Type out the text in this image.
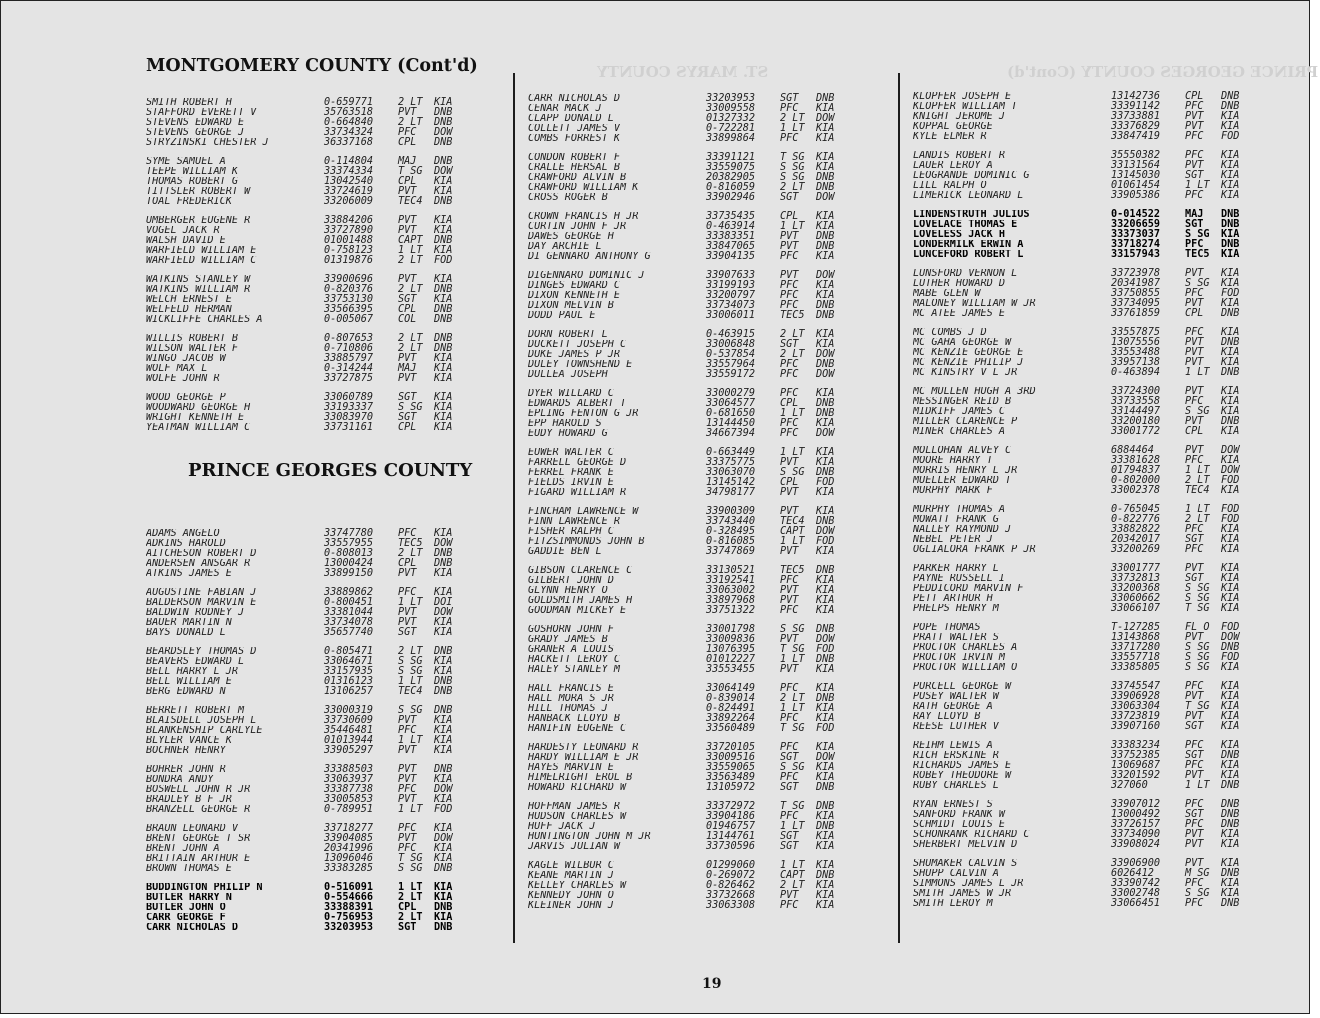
ST. MARYS COUNTY	PRINCE GEORGES COUNTY (Cont'd)
MONTGOMERY COUNTY (Cont'd)
PRINCE GEORGES COUNTY
SMITH ROBERT H	0-659771	2 LT	KIA
STAFFORD EVERETT V	35763518	PVT	DNB
STEVENS EDWARD E	0-664840	2 LT	DNB
STEVENS GEORGE J	33734324	PFC	DOW
STRYZINSKI CHESTER J	36337168	CPL	DNB
SYME SAMUEL A	0-114804	MAJ	DNB
TEEPE WILLIAM K	33374334	T SG	DOW
THOMAS ROBERT G	13042540	CPL	KIA
TITTSLER ROBERT W	33724619	PVT	KIA
TOAL FREDERICK	33206009	TEC4	DNB
UMBERGER EUGENE R	33884206	PVT	KIA
VOGEL JACK R	33727890	PVT	KIA
WALSH DAVID E	01001488	CAPT	DNB
WARFIELD WILLIAM E	0-758123	1 LT	KIA
WARFIELD WILLIAM C	01319876	2 LT	FOD
WATKINS STANLEY W	33900696	PVT	KIA
WATKINS WILLIAM R	0-820376	2 LT	DNB
WELCH ERNEST E	33753130	SGT	KIA
WELFELD HERMAN	33566395	CPL	DNB
WICKLIFFE CHARLES A	0-005067	COL	DNB
WILLIS ROBERT B	0-807653	2 LT	DNB
WILSON WALTER F	0-710806	2 LT	DNB
WINGO JACOB W	33885797	PVT	KIA
WOLF MAX L	0-314244	MAJ	KIA
WOLFE JOHN R	33727875	PVT	KIA
WOOD GEORGE P	33060789	SGT	KIA
WOODWARD GEORGE H	33193337	S SG	KIA
WRIGHT KENNETH E	33083970	SGT	KIA
YEATMAN WILLIAM C	33731161	CPL	KIA
ADAMS ANGELO	33747780	PFC	KIA
ADKINS HAROLD	33557955	TEC5	DOW
AITCHESON ROBERT D	0-808013	2 LT	DNB
ANDERSEN ANSGAR R	13000424	CPL	DNB
ATKINS JAMES E	33899150	PVT	KIA
AUGUSTINE FABIAN J	33889862	PFC	KIA
BALDERSON MARVIN E	0-800451	1 LT	DOI
BALDWIN RODNEY J	33381044	PVT	DOW
BAUER MARTIN N	33734078	PVT	KIA
BAYS DONALD L	35657740	SGT	KIA
BEARDSLEY THOMAS D	0-805471	2 LT	DNB
BEAVERS EDWARD L	33064671	S SG	KIA
BELL HARRY L JR	33157935	S SG	KIA
BELL WILLIAM E	01316123	1 LT	DNB
BERG EDWARD N	13106257	TEC4	DNB
BERRETT ROBERT M	33000319	S SG	DNB
BLAISDELL JOSEPH L	33730609	PVT	KIA
BLANKENSHIP CARLYLE	35446481	PFC	KIA
BLYLER VANCE K	01013944	1 LT	KIA
BOCHNER HENRY	33905297	PVT	KIA
BOHRER JOHN R	33388503	PVT	DNB
BONDRA ANDY	33063937	PVT	KIA
BOSWELL JOHN R JR	33387738	PFC	DOW
BRADLEY B F JR	33005853	PVT	KIA
BRANZELL GEORGE R	0-789951	1 LT	FOD
BRAUN LEONARD V	33718277	PFC	KIA
BRENT GEORGE T SR	33904085	PVT	DOW
BRENT JOHN A	20341996	PFC	KIA
BRITTAIN ARTHUR E	13096046	T SG	KIA
BROWN THOMAS E	33383285	S SG	DNB
BUDDINGTON PHILIP N	0-516091	1 LT	KIA
BUTLER HARRY N	0-554666	2 LT	KIA
BUTLER JOHN O	33388391	CPL	DNB
CARR GEORGE F	0-756953	2 LT	KIA
CARR NICHOLAS D	33203953	SGT	DNB
CARR NICHOLAS D	33203953	SGT	DNB
CENAR MACK J	33009558	PFC	KIA
CLAPP DONALD L	01327332	2 LT	DOW
COLLETT JAMES V	0-722281	1 LT	KIA
COMBS FORREST K	33899864	PFC	KIA
CONDON ROBERT F	33391121	T SG	KIA
CRALLE HERSAL B	33559075	S SG	KIA
CRAWFORD ALVIN B	20382905	S SG	DNB
CRAWFORD WILLIAM K	0-816059	2 LT	DNB
CROSS ROGER B	33902946	SGT	DOW
CROWN FRANCIS H JR	33735435	CPL	KIA
CURTIN JOHN F JR	0-463914	1 LT	KIA
DAWES GEORGE H	33383351	PVT	DNB
DAY ARCHIE L	33847065	PVT	DNB
DI GENNARO ANTHONY G	33904135	PFC	KIA
DIGENNARO DOMINIC J	33907633	PVT	DOW
DINGES EDWARD C	33199193	PFC	KIA
DIXON KENNETH E	33200797	PFC	KIA
DIXON MELVIN B	33734073	PFC	DNB
DODD PAUL E	33006011	TEC5	DNB
DORN ROBERT L	0-463915	2 LT	KIA
DUCKETT JOSEPH C	33006848	SGT	KIA
DUKE JAMES P JR	0-537854	2 LT	DOW
DULEY TOWNSHEND E	33557964	PFC	DNB
DULLEA JOSEPH	33559172	PFC	DOW
DYER WILLARD C	33000279	PFC	KIA
EDWARDS ALBERT T	33064577	CPL	DNB
EPLING FENTON G JR	0-681650	1 LT	DNB
EPP HAROLD S	13144450	PFC	KIA
EUDY HOWARD G	34667394	PFC	DOW
EUWER WALTER C	0-663449	1 LT	KIA
FARRELL GEORGE D	33375775	PVT	KIA
FERREL FRANK E	33063070	S SG	DNB
FIELDS IRVIN E	13145142	CPL	FOD
FIGARD WILLIAM R	34798177	PVT	KIA
FINCHAM LAWRENCE W	33900309	PVT	KIA
FINN LAWRENCE R	33743440	TEC4	DNB
FISHER RALPH C	0-328495	CAPT	DOW
FITZSIMMONDS JOHN B	0-816085	1 LT	FOD
GADDIE BEN L	33747869	PVT	KIA
GIBSON CLARENCE C	33130521	TEC5	DNB
GILBERT JOHN D	33192541	PFC	KIA
GLYNN HENRY O	33063002	PVT	KIA
GOLDSMITH JAMES H	33897968	PVT	KIA
GOODMAN MICKEY E	33751322	PFC	KIA
GOSHORN JOHN F	33001798	S SG	DNB
GRADY JAMES B	33009836	PVT	DOW
GRANER A LOUIS	13076395	T SG	FOD
HACKETT LEROY C	01012227	1 LT	DNB
HALEY STANLEY M	33553455	PVT	KIA
HALL FRANCIS E	33064149	PFC	KIA
HALL MORA S JR	0-839014	2 LT	DNB
HILL THOMAS J	0-824491	1 LT	KIA
HANBACK LLOYD B	33892264	PFC	KIA
HANIFIN EUGENE C	33560489	T SG	FOD
HARDESTY LEONARD R	33720105	PFC	KIA
HARDY WILLIAM E JR	33009516	SGT	DOW
HAYES MARVIN E	33559065	S SG	KIA
HIMELRIGHT EROL B	33563489	PFC	KIA
HOWARD RICHARD W	13105972	SGT	DNB
HOFFMAN JAMES R	33372972	T SG	DNB
HUDSON CHARLES W	33904186	PFC	KIA
HUFF JACK J	01946757	1 LT	DNB
HUNTINGTON JOHN M JR	13144761	SGT	KIA
JARVIS JULIAN W	33730596	SGT	KIA
KAGLE WILBUR C	01299060	1 LT	KIA
KEANE MARTIN J	0-269072	CAPT	DNB
KELLEY CHARLES W	0-826462	2 LT	KIA
KENNEDY JOHN O	33732668	PVT	KIA
KLEINER JOHN J	33063308	PFC	KIA
KLOPFER JOSEPH E	13142736	CPL	DNB
KLOPFER WILLIAM T	33391142	PFC	DNB
KNIGHT JEROME J	33733881	PVT	KIA
KOPPAL GEORGE	33376829	PVT	KIA
KYLE ELMER R	33847419	PFC	FOD
LANDIS ROBERT R	35550382	PFC	KIA
LAUER LEROY A	33131564	PVT	KIA
LEOGRANDE DOMINIC G	13145030	SGT	KIA
LILL RALPH O	01061454	1 LT	KIA
LIMERICK LEONARD L	33905386	PFC	KIA
LINDENSTRUTH JULIUS	0-014522	MAJ	DNB
LOVELACE THOMAS E	33206659	SGT	DNB
LOVELESS JACK H	33373037	S SG	KIA
LONDERMILK ERWIN A	33718274	PFC	DNB
LUNCEFORD ROBERT L	33157943	TEC5	KIA
LUNSFORD VERNON L	33723978	PVT	KIA
LUTHER HOWARD D	20341987	S SG	KIA
MABE GLEN W	33750855	PFC	FOD
MALONEY WILLIAM W JR	33734095	PVT	KIA
MC ATEE JAMES E	33761859	CPL	DNB
MC COMBS J D	33557875	PFC	KIA
MC GAHA GEORGE W	13075556	PVT	DNB
MC KENZIE GEORGE E	33553488	PVT	KIA
MC KENZIE PHILIP J	33957138	PVT	KIA
MC KINSTRY V L JR	0-463894	1 LT	DNB
MC MULLEN HUGH A 3RD	33724300	PVT	KIA
MESSINGER REID B	33733558	PFC	KIA
MIDKIFF JAMES C	33144497	S SG	KIA
MILLER CLARENCE P	33200180	PVT	DNB
MINER CHARLES A	33001772	CPL	KIA
MOLLOHAN ALVEY C	6884464	PVT	DOW
MOORE HARRY T	33381628	PFC	KIA
MORRIS HENRY L JR	01794837	1 LT	DOW
MUELLER EDWARD T	0-802000	2 LT	FOD
MURPHY MARK F	33002378	TEC4	KIA
MURPHY THOMAS A	0-765045	1 LT	FOD
MOWATT FRANK G	0-822776	2 LT	FOD
NALLEY RAYMOND J	33882822	PFC	KIA
NEBEL PETER J	20342017	SGT	KIA
OGLIALORA FRANK P JR	33200269	PFC	KIA
PARKER HARRY L	33001777	PVT	KIA
PAYNE RUSSELL I	33732813	SGT	KIA
PEDDICORD MARVIN F	33200368	S SG	KIA
PETT ARTHUR H	33060662	S SG	KIA
PHELPS HENRY M	33066107	T SG	KIA
POPE THOMAS	T-127285	FL O	FOD
PRATT WALTER S	13143868	PVT	DOW
PROCTOR CHARLES A	33717280	S SG	DNB
PROCTOR IRVIN M	33557718	S SG	FOD
PROCTOR WILLIAM O	33385805	S SG	KIA
PURCELL GEORGE W	33745547	PFC	KIA
PUSEY WALTER W	33906928	PVT	KIA
RATH GEORGE A	33063304	T SG	KIA
RAY LLOYD B	33723819	PVT	KIA
REESE LUTHER V	33907160	SGT	KIA
REIHM LEWIS A	33383234	PFC	KIA
RICH ERSKINE R	33752385	SGT	DNB
RICHARDS JAMES E	13069687	PFC	KIA
ROBEY THEODORE W	33201592	PVT	KIA
RUBY CHARLES L	327060	1 LT	DNB
RYAN ERNEST S	33907012	PFC	DNB
SANFORD FRANK W	13000492	SGT	DNB
SCHMIDT LOUIS E	33726157	PFC	DNB
SCHONRANK RICHARD C	33734090	PVT	KIA
SHERBERT MELVIN D	33908024	PVT	KIA
SHUMAKER CALVIN S	33906900	PVT	KIA
SHUPP CALVIN A	6026412	M SG	DNB
SIMMONS JAMES L JR	33390742	PFC	KIA
SMITH JAMES W JR	33002748	S SG	KIA
SMITH LEROY M	33066451	PFC	DNB
19
